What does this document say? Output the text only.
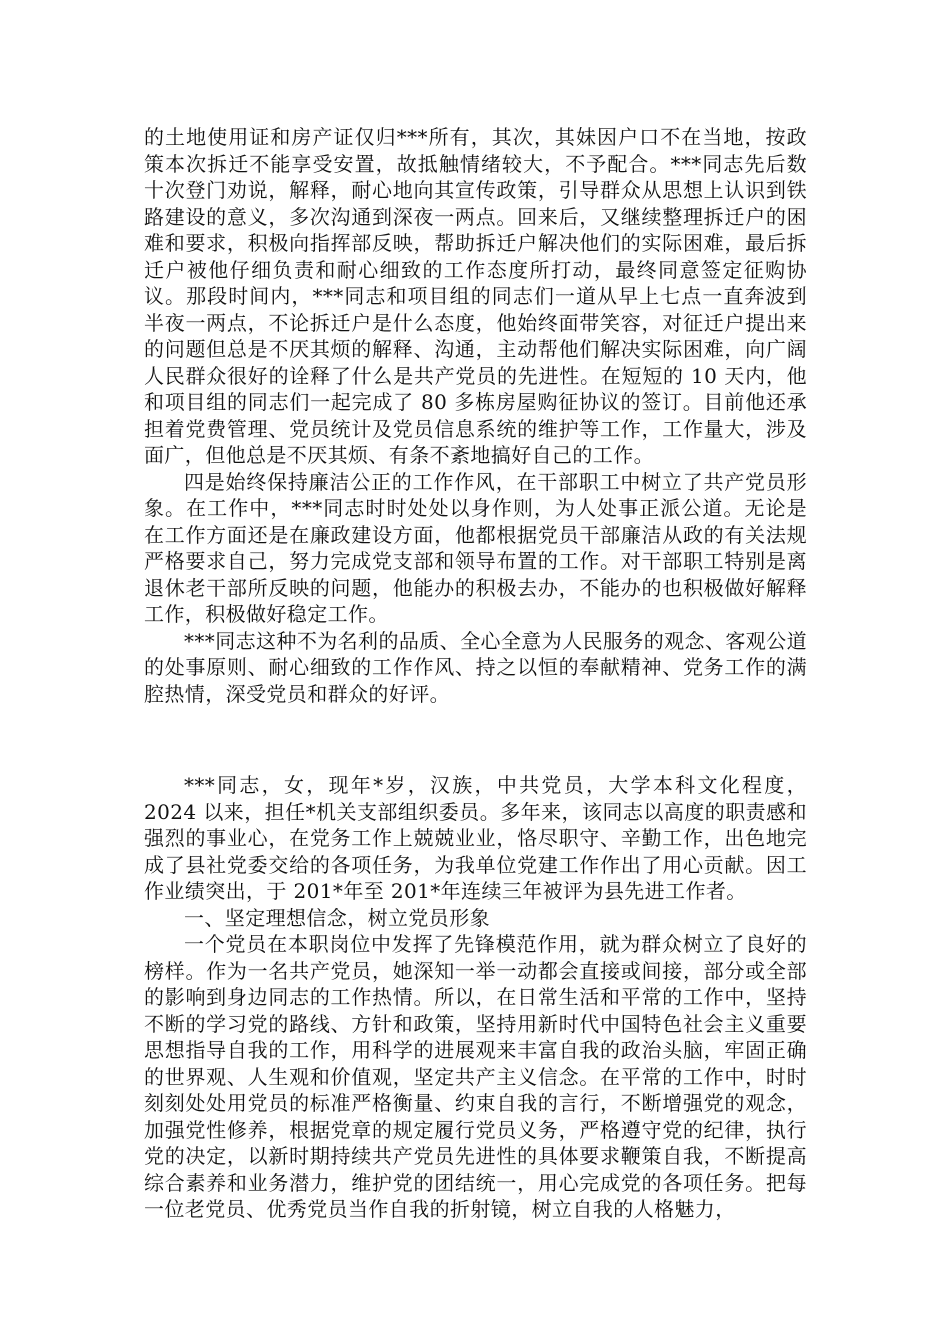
的土地使用证和房产证仅归***所有，其次，其妹因户口不在当地，按政策本次拆迁不能享受安置，故抵触情绪较大，不予配合。***同志先后数十次登门劝说，解释，耐心地向其宣传政策，引导群众从思想上认识到铁路建设的意义，多次沟通到深夜一两点。回来后，又继续整理拆迁户的困难和要求，积极向指挥部反映，帮助拆迁户解决他们的实际困难，最后拆迁户被他仔细负责和耐心细致的工作态度所打动，最终同意签定征购协议。那段时间内，***同志和项目组的同志们一道从早上七点一直奔波到半夜一两点，不论拆迁户是什么态度，他始终面带笑容，对征迁户提出来的问题但总是不厌其烦的解释、沟通，主动帮他们解决实际困难，向广阔人民群众很好的诠释了什么是共产党员的先进性。在短短的 10 天内，他和项目组的同志们一起完成了 80 多栋房屋购征协议的签订。目前他还承担着党费管理、党员统计及党员信息系统的维护等工作，工作量大，涉及面广，但他总是不厌其烦、有条不紊地搞好自己的工作。

四是始终保持廉洁公正的工作作风，在干部职工中树立了共产党员形象。在工作中，***同志时时处处以身作则，为人处事正派公道。无论是在工作方面还是在廉政建设方面，他都根据党员干部廉洁从政的有关法规严格要求自己，努力完成党支部和领导布置的工作。对干部职工特别是离退休老干部所反映的问题，他能办的积极去办，不能办的也积极做好解释工作，积极做好稳定工作。

***同志这种不为名利的品质、全心全意为人民服务的观念、客观公道的处事原则、耐心细致的工作作风、持之以恒的奉献精神、党务工作的满腔热情，深受党员和群众的好评。

***同志，女，现年*岁，汉族，中共党员，大学本科文化程度，2024 以来，担任*机关支部组织委员。多年来，该同志以高度的职责感和强烈的事业心，在党务工作上兢兢业业，恪尽职守、辛勤工作，出色地完成了县社党委交给的各项任务，为我单位党建工作作出了用心贡献。因工作业绩突出，于 201*年至 201*年连续三年被评为县先进工作者。

一、坚定理想信念，树立党员形象

一个党员在本职岗位中发挥了先锋模范作用，就为群众树立了良好的榜样。作为一名共产党员，她深知一举一动都会直接或间接，部分或全部的影响到身边同志的工作热情。所以，在日常生活和平常的工作中，坚持不断的学习党的路线、方针和政策，坚持用新时代中国特色社会主义重要思想指导自我的工作，用科学的进展观来丰富自我的政治头脑，牢固正确的世界观、人生观和价值观，坚定共产主义信念。在平常的工作中，时时刻刻处处用党员的标准严格衡量、约束自我的言行，不断增强党的观念，加强党性修养，根据党章的规定履行党员义务，严格遵守党的纪律，执行党的决定，以新时期持续共产党员先进性的具体要求鞭策自我，不断提高综合素养和业务潜力，维护党的团结统一，用心完成党的各项任务。把每一位老党员、优秀党员当作自我的折射镜，树立自我的人格魅力，
